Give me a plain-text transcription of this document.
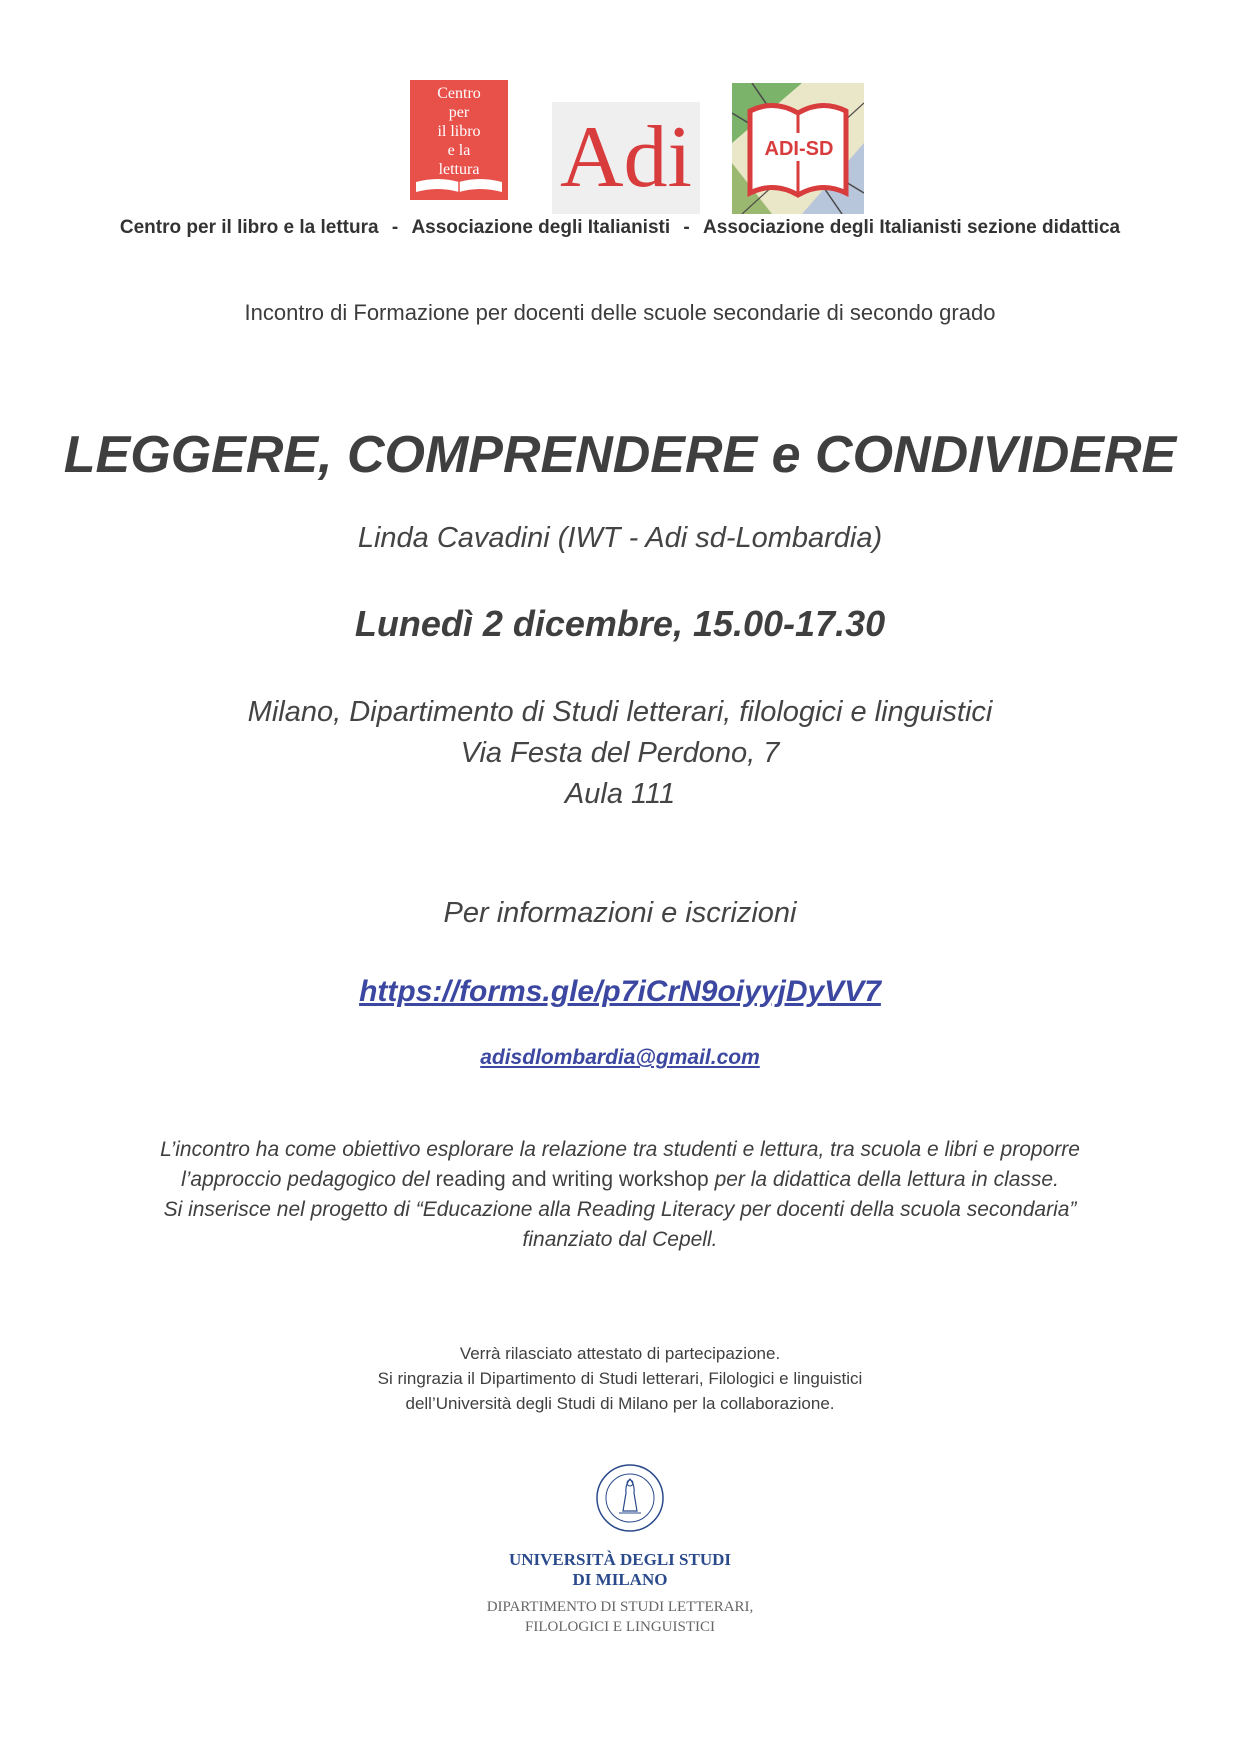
Centro
per
il libro
e la
lettura Adi	ADI-SD
Centro per il libro e la lettura - Associazione degli Italianisti - Associazione degli Italianisti sezione didattica
Incontro di Formazione per docenti delle scuole secondarie di secondo grado
LEGGERE, COMPRENDERE e CONDIVIDERE
Linda Cavadini (IWT - Adi sd-Lombardia)
Lunedì 2 dicembre, 15.00-17.30
Milano, Dipartimento di Studi letterari, filologici e linguistici
Via Festa del Perdono, 7
Aula 111
Per informazioni e iscrizioni
https://forms.gle/p7iCrN9oiyyjDyVV7
adisdlombardia@gmail.com
L’incontro ha come obiettivo esplorare la relazione tra studenti e lettura, tra scuola e libri e proporre
l’approccio pedagogico del reading and writing workshop per la didattica della lettura in classe.
Si inserisce nel progetto di “Educazione alla Reading Literacy per docenti della scuola secondaria”
finanziato dal Cepell.
Verrà rilasciato attestato di partecipazione.
Si ringrazia il Dipartimento di Studi letterari, Filologici e linguistici
dell’Università degli Studi di Milano per la collaborazione.
UNIVERSITÀ DEGLI STUDI
DI MILANO
DIPARTIMENTO DI STUDI LETTERARI,
FILOLOGICI E LINGUISTICI
